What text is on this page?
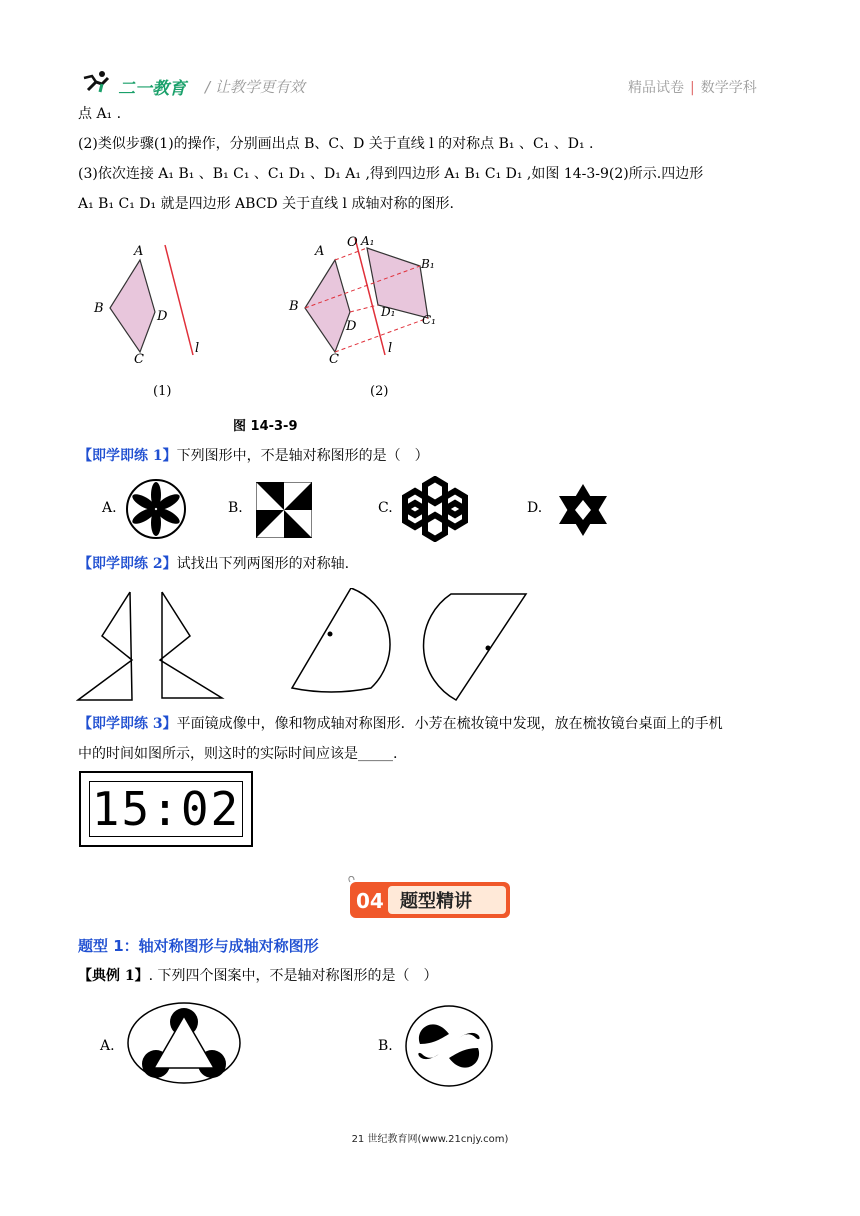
二一教育 / 让教学更有效	精品试卷 | 数学学科
点 A₁ .
(2)类似步骤(1)的操作，分别画出点 B、C、D 关于直线 l 的对称点 B₁ 、C₁ 、D₁ .
(3)依次连接 A₁ B₁ 、B₁ C₁ 、C₁ D₁ 、D₁ A₁ ,得到四边形 A₁ B₁ C₁ D₁ ,如图 14-3-9(2)所示.四边形
A₁ B₁ C₁ D₁ 就是四边形 ABCD 关于直线 l 成轴对称的图形.
A
B
C
D
l
(1)
A
O A₁
B₁
C₁
D₁
B
C
D
l
(2)
图 14-3-9
【即学即练 1】下列图形中，不是轴对称图形的是（　）
A.	B.	C.	D.
【即学即练 2】试找出下列两图形的对称轴.
【即学即练 3】平面镜成像中，像和物成轴对称图形．小芳在梳妆镜中发现，放在梳妆镜台桌面上的手机
中的时间如图所示，则这时的实际时间应该是_____.
15:02
04 题型精讲
题型 1：轴对称图形与成轴对称图形
【典例 1】. 下列四个图案中，不是轴对称图形的是（　）
A.	B.
21 世纪教育网(www.21cnjy.com)
